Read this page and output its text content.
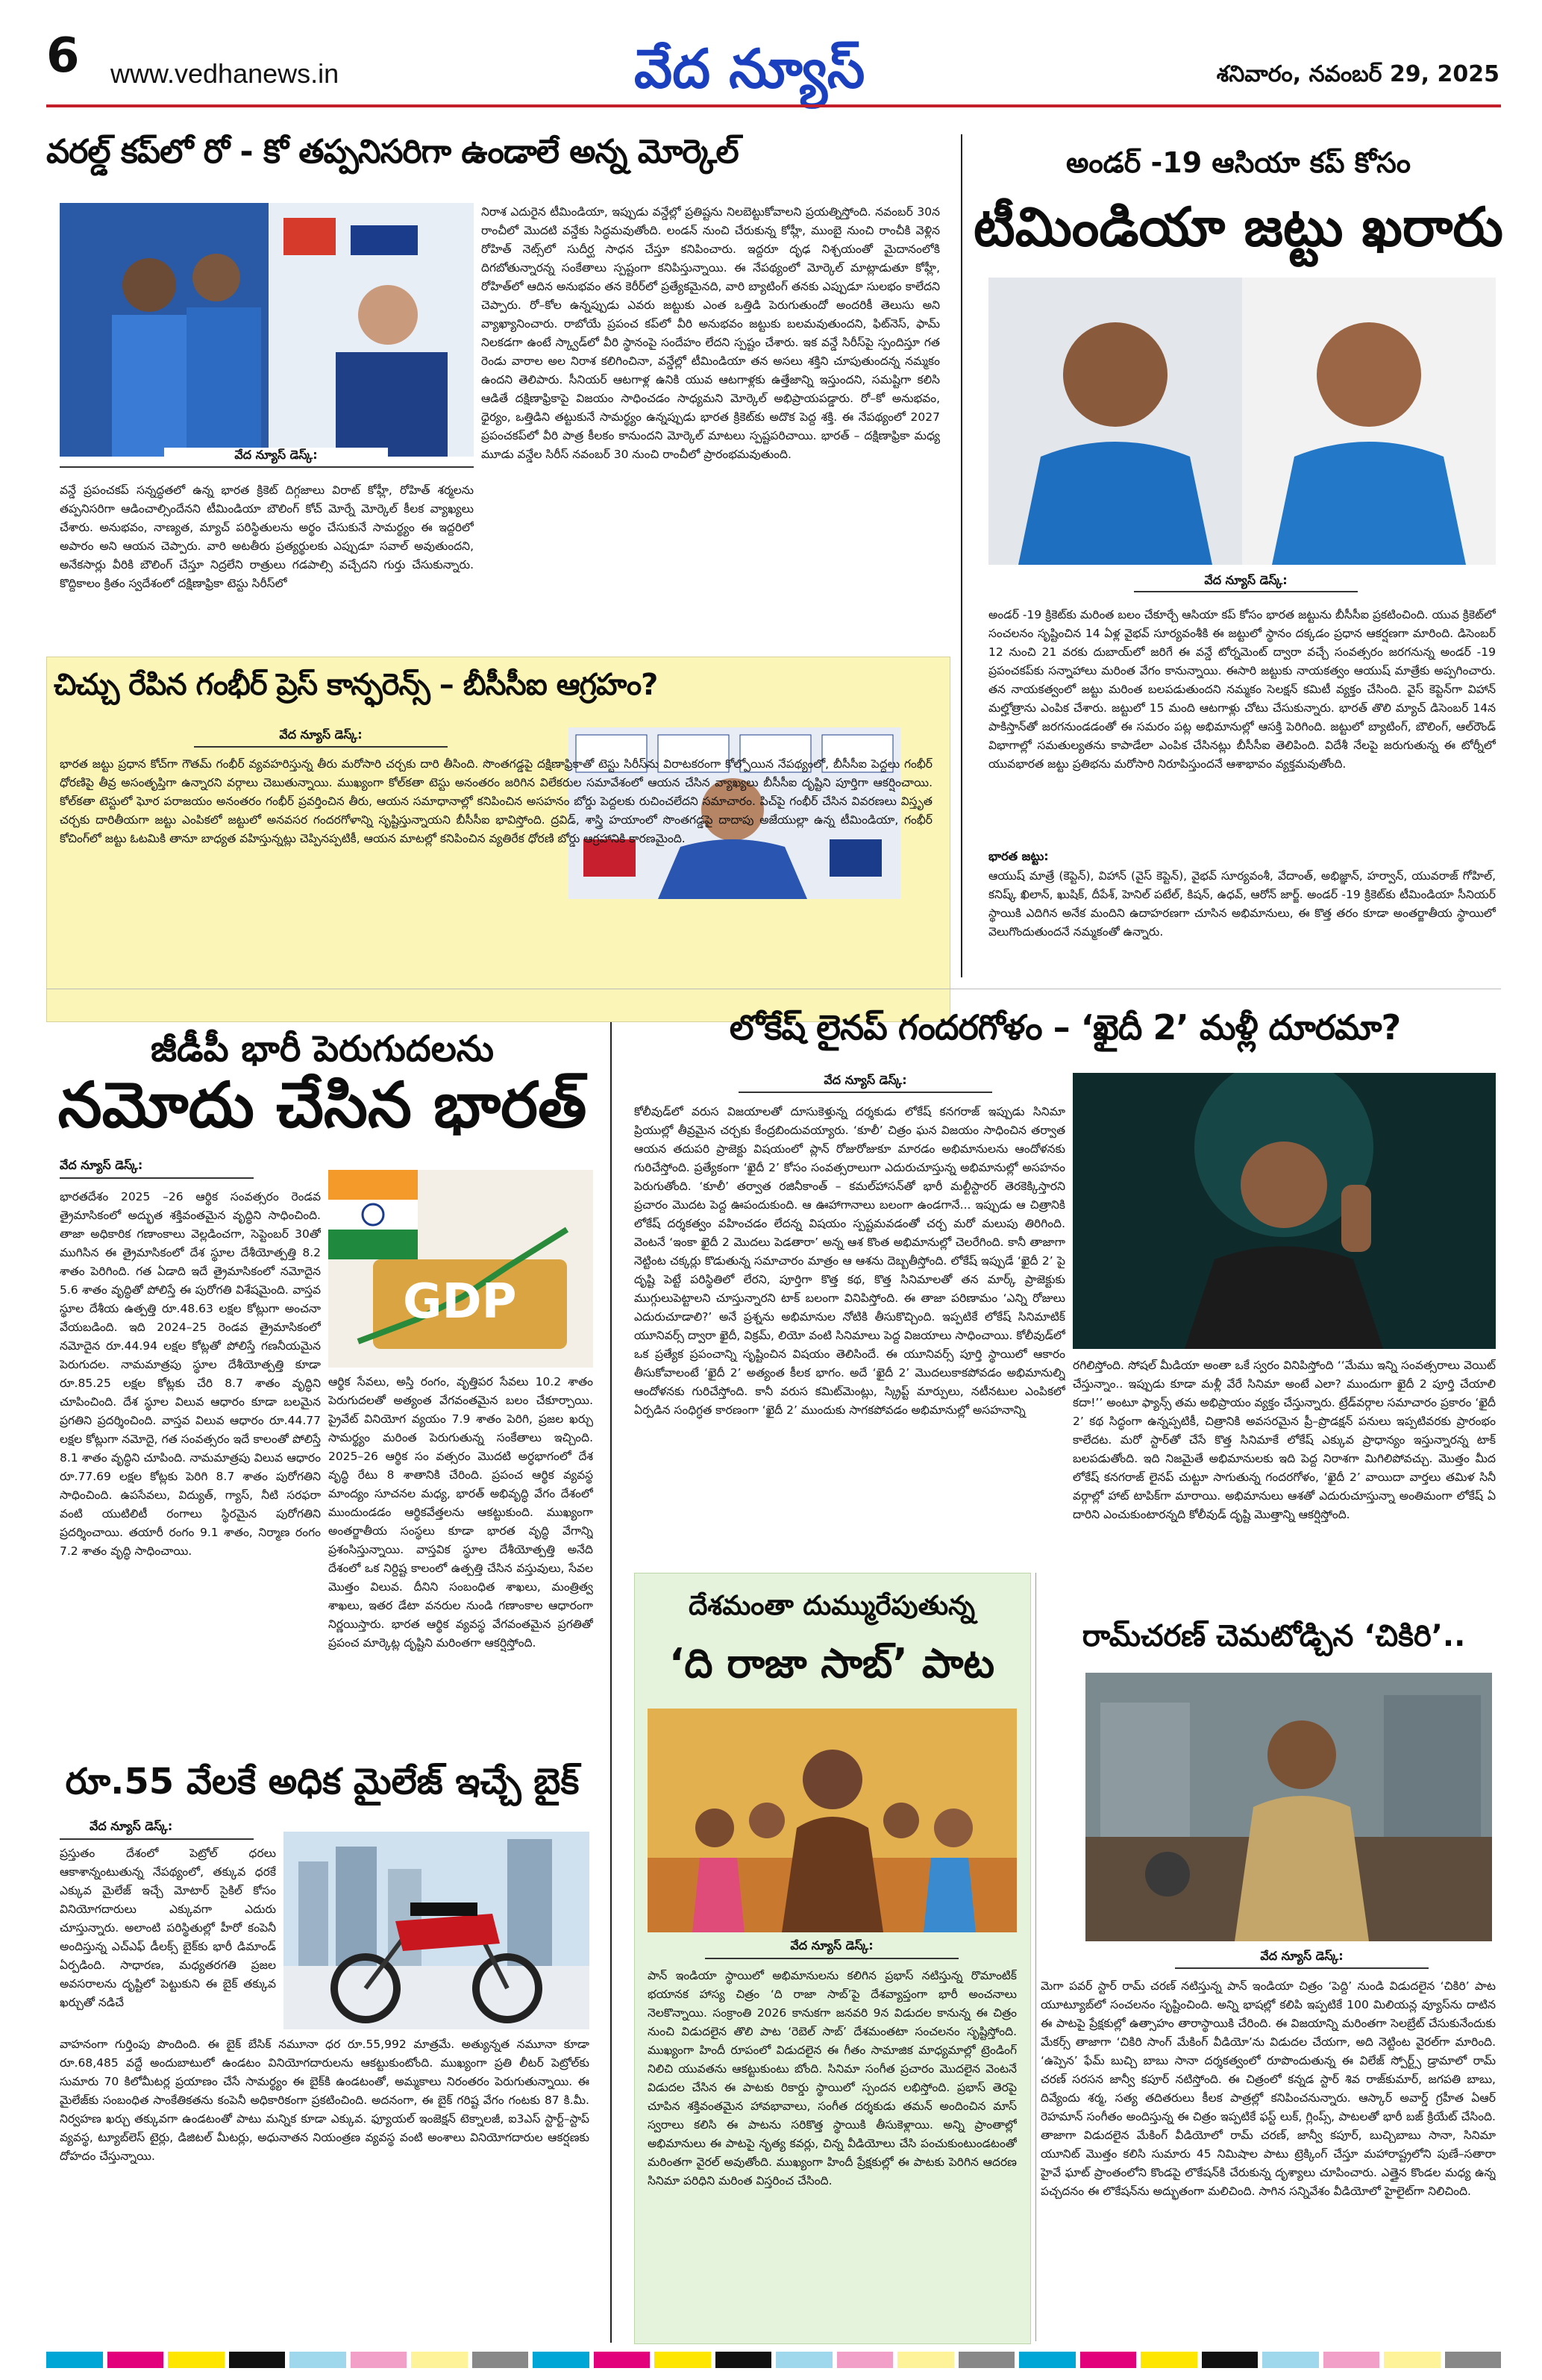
6 www.vedhanews.in	వేద న్యూస్	శనివారం, నవంబర్ 29, 2025
వరల్డ్ కప్‌లో రో - కో తప్పనిసరిగా ఉండాలే అన్న మోర్కెల్
వేద న్యూస్ డెస్క్:
నిరాశ ఎదురైన టీమిండియా, ఇప్పుడు వన్డేల్లో ప్రతిష్టను నిలబెట్టుకోవాలని ప్రయత్నిస్తోంది. నవంబర్ 30న రాంచీలో మొదటి వన్డేకు సిద్ధమవుతోంది. లండన్ నుంచి చేరుకున్న కోహ్లీ, ముంబై నుంచి రాంచీకి వెళ్లిన రోహిత్ నెట్స్‌లో సుదీర్ఘ సాధన చేస్తూ కనిపించారు. ఇద్దరూ దృఢ నిశ్చయంతో మైదానంలోకి దిగబోతున్నారన్న సంకేతాలు స్పష్టంగా కనిపిస్తున్నాయి. ఈ నేపథ్యంలో మోర్కెల్ మాట్లాడుతూ కోహ్లీ, రోహిత్‌లో ఆదిన అనుభవం తన కెరీర్‌లో ప్రత్యేకమైనది, వారి బ్యాటింగ్ తనకు ఎప్పుడూ సులభం కాలేదని చెప్పారు. రో–కోల ఉన్నప్పుడు ఎవరు జట్టుకు ఎంత ఒత్తిడి పెరుగుతుందో అందరికీ తెలుసు అని వ్యాఖ్యానించారు. రాబోయే ప్రపంచ కప్‌లో వీరి అనుభవం జట్టుకు బలమవుతుందని, ఫిట్‌నెస్, ఫామ్ నిలకడగా ఉంటే స్క్వాడ్‌లో వీరి స్థానంపై సందేహం లేదని స్పష్టం చేశారు. ఇక వన్డే సిరీస్‌పై స్పందిస్తూ గత రెండు వారాల అల నిరాశ కలిగించినా, వన్డేల్లో టీమిండియా తన అసలు శక్తిని చూపుతుందన్న నమ్మకం ఉందని తెలిపారు. సీనియర్ ఆటగాళ్ల ఉనికి యువ ఆటగాళ్లకు ఉత్తేజాన్ని ఇస్తుందని, సమష్టిగా కలిసి ఆడితే దక్షిణాఫ్రికాపై విజయం సాధించడం సాధ్యమని మోర్కెల్ అభిప్రాయపడ్డారు. రో–కో అనుభవం, ధైర్యం, ఒత్తిడిని తట్టుకునే సామర్థ్యం ఉన్నప్పుడు భారత క్రికెట్‌కు అదొక పెద్ద శక్తి. ఈ నేపథ్యంలో 2027 ప్రపంచకప్‌లో వీరి పాత్ర కీలకం కానుందని మోర్కెల్ మాటలు స్పష్టపరిచాయి. భారత్ – దక్షిణాఫ్రికా మధ్య మూడు వన్డేల సిరీస్ నవంబర్ 30 నుంచి రాంచీలో ప్రారంభమవుతుంది.
వన్డే ప్రపంచకప్ సన్నద్ధతలో ఉన్న భారత క్రికెట్ దిగ్గజాలు విరాట్ కోహ్లీ, రోహిత్ శర్మలను తప్పనిసరిగా ఆడించాల్సిందేనని టీమిండియా బౌలింగ్ కోచ్ మోర్నే మోర్కెల్ కీలక వ్యాఖ్యలు చేశారు. అనుభవం, నాణ్యత, మ్యాచ్ పరిస్థితులను అర్థం చేసుకునే సామర్థ్యం ఈ ఇద్దరిలో అపారం అని ఆయన చెప్పారు. వారి అటతీరు ప్రత్యర్థులకు ఎప్పుడూ సవాల్ అవుతుందని, అనేకసార్లు వీరికి బౌలింగ్ చేస్తూ నిద్రలేని రాత్రులు గడపాల్సి వచ్చేదని గుర్తు చేసుకున్నారు. కొద్దికాలం క్రితం స్వదేశంలో దక్షిణాఫ్రికా టెస్టు సిరీస్‌లో
అండర్ -19 ఆసియా కప్ కోసం
టీమిండియా జట్టు ఖరారు
వేద న్యూస్ డెస్క్:
అండర్ -19 క్రికెట్‌కు మరింత బలం చేకూర్చే ఆసియా కప్ కోసం భారత జట్టును బీసీసీఐ ప్రకటించింది. యువ క్రికెట్‌లో సంచలనం సృష్టించిన 14 ఏళ్ల వైభవ్ సూర్యవంశీకి ఈ జట్టులో స్థానం దక్కడం ప్రధాన ఆకర్షణగా మారింది. డిసెంబర్ 12 నుంచి 21 వరకు దుబాయ్‌లో జరిగే ఈ వన్డే టోర్నమెంట్ ద్వారా వచ్చే సంవత్సరం జరగనున్న అండర్ -19 ప్రపంచకప్‌కు సన్నాహాలు మరింత వేగం కానున్నాయి. ఈసారి జట్టుకు నాయకత్వం ఆయుష్ మాత్రేకు అప్పగించారు. తన నాయకత్వంలో జట్టు మరింత బలపడుతుందని నమ్మకం సెలక్షన్ కమిటీ వ్యక్తం చేసింది. వైస్ కెప్టెన్‌గా విహాన్ మల్హోత్రాను ఎంపిక చేశారు. జట్టులో 15 మంది ఆటగాళ్లు చోటు చేసుకున్నారు. భారత్ తొలి మ్యాచ్ డిసెంబర్ 14న పాకిస్తాన్‌తో జరగనుండడంతో ఈ సమరం పట్ల అభిమానుల్లో ఆసక్తి పెరిగింది. జట్టులో బ్యాటింగ్, బౌలింగ్, ఆల్‌రౌండ్ విభాగాల్లో సమతుల్యతను కాపాడేలా ఎంపిక చేసినట్లు బీసీసీఐ తెలిపింది. విదేశీ నేలపై జరుగుతున్న ఈ టోర్నీలో యువభారత జట్టు ప్రతిభను మరోసారి నిరూపిస్తుందనే ఆశాభావం వ్యక్తమవుతోంది.
భారత జట్టు:
ఆయుష్ మాత్రే (కెప్టెన్), విహాన్ (వైస్ కెప్టెన్), వైభవ్ సూర్యవంశీ, వేదాంత్, అభిజ్ఞాన్, హర్వాన్, యువరాజ్ గోహిల్, కనిష్క్ ఖిలాన్, ఖుషిక్, దీపేశ్, హెనిల్ పటేల్, కిషన్, ఉధవ్, ఆరోన్ జార్జ్. అండర్ -19 క్రికెట్‌కు టీమిండియా సీనియర్ స్థాయికి ఎదిగిన అనేక మందిని ఉదాహరణగా చూసిన అభిమానులు, ఈ కొత్త తరం కూడా అంతర్జాతీయ స్థాయిలో వెలుగొందుతుందనే నమ్మకంతో ఉన్నారు.
చిచ్చు రేపిన గంభీర్ ప్రెస్ కాన్ఫరెన్స్ – బీసీసీఐ ఆగ్రహం?
వేద న్యూస్ డెస్క్:
భారత జట్టు ప్రధాన కోచ్‌గా గౌతమ్ గంభీర్ వ్యవహరిస్తున్న తీరు మరోసారి చర్చకు దారి తీసింది. సొంతగడ్డపై దక్షిణాఫ్రికాతో టెస్టు సిరీస్‌ను విరాటకరంగా కోల్పోయిన నేపథ్యంలో, బీసీసీఐ పెద్దలు గంభీర్ ధోరణిపై తీవ్ర అసంతృప్తిగా ఉన్నారని వర్గాలు చెబుతున్నాయి. ముఖ్యంగా కోల్‌కతా టెస్టు అనంతరం జరిగిన విలేకరుల సమావేశంలో ఆయన చేసిన వ్యాఖ్యలు బీసీసీఐ దృష్టిని పూర్తిగా ఆకర్షించాయి. కోల్‌కతా టెస్టులో ఘోర పరాజయం అనంతరం గంభీర్ ప్రవర్తించిన తీరు, ఆయన సమాధానాల్లో కనిపించిన అసహనం బోర్డు పెద్దలకు రుచించలేదని సమాచారం. పిచ్‌పై గంభీర్ చేసిన వివరణలు విస్తృత చర్చకు దారితీయగా జట్టు ఎంపికలో జట్టులో అనవసర గందరగోళాన్ని సృష్టిస్తున్నాయని బీసీసీఐ భావిస్తోంది. ద్రవిడ్, శాస్త్రి హయాంలో సొంతగడ్డపై దాదాపు అజేయుల్లా ఉన్న టీమిండియా, గంభీర్ కోచింగ్‌లో జట్టు ఓటమికి తానూ బాధ్యత వహిస్తున్నట్లు చెప్పినప్పటికీ, ఆయన మాటల్లో కనిపించిన వ్యతిరేక ధోరణి బోర్డు ఆగ్రహానికి కారణమైంది.
జీడీపీ భారీ పెరుగుదలను
నమోదు చేసిన భారత్
వేద న్యూస్ డెస్క్:
GDP
భారతదేశం 2025 –26 ఆర్థిక సంవత్సరం రెండవ త్రైమాసికంలో అద్భుత శక్తివంతమైన వృద్ధిని సాధించింది. తాజా అధికారిక గణాంకాలు వెల్లడించగా, సెప్టెంబర్ 30తో ముగిసిన ఈ త్రైమాసికంలో దేశ స్థూల దేశీయోత్పత్తి 8.2 శాతం పెరిగింది. గత ఏడాది ఇదే త్రైమాసికంలో నమోదైన 5.6 శాతం వృద్ధితో పోలిస్తే ఈ పురోగతి విశేషమైంది. వాస్తవ స్థూల దేశీయ ఉత్పత్తి రూ.48.63 లక్షల కోట్లుగా అంచనా వేయబడింది. ఇది 2024–25 రెండవ త్రైమాసికంలో నమోదైన రూ.44.94 లక్షల కోట్లతో పోలిస్తే గణనీయమైన పెరుగుదల. నామమాత్రపు స్థూల దేశీయోత్పత్తి కూడా రూ.85.25 లక్షల కోట్లకు చేరి 8.7 శాతం వృద్ధిని చూపించింది. దేశ స్థూల విలువ ఆధారం కూడా బలమైన ప్రగతిని ప్రదర్శించింది. వాస్తవ విలువ ఆధారం రూ.44.77 లక్షల కోట్లుగా నమోదై, గత సంవత్సరం ఇదే కాలంతో పోలిస్తే 8.1 శాతం వృద్ధిని చూపింది. నామమాత్రపు విలువ ఆధారం రూ.77.69 లక్షల కోట్లకు పెరిగి 8.7 శాతం పురోగతిని సాధించింది. ఉపసేవలు, విద్యుత్, గ్యాస్, నీటి సరఫరా వంటి యుటిలిటీ రంగాలు స్థిరమైన పురోగతిని ప్రదర్శించాయి. తయారీ రంగం 9.1 శాతం, నిర్మాణ రంగం 7.2 శాతం వృద్ధి సాధించాయి.
ఆర్థిక సేవలు, అస్తి రంగం, వృత్తిపర సేవలు 10.2 శాతం పెరుగుదలతో అత్యంత వేగవంతమైన బలం చేకూర్చాయి. ప్రైవేట్ వినియోగ వ్యయం 7.9 శాతం పెరిగి, ప్రజల ఖర్చు సామర్థ్యం మరింత పెరుగుతున్న సంకేతాలు ఇచ్చింది. 2025–26 ఆర్థిక సం వత్సరం మొదటి అర్ధభాగంలో దేశ వృద్ధి రేటు 8 శాతానికి చేరింది. ప్రపంచ ఆర్థిక వ్యవస్థ మాంద్యం సూచనల మధ్య, భారత్ అభివృద్ధి వేగం దేశంలో ముందుండడం ఆర్థికవేత్తలను ఆకట్టుకుంది. ముఖ్యంగా అంతర్జాతీయ సంస్థలు కూడా భారత వృద్ధి వేగాన్ని ప్రశంసిస్తున్నాయి. వాస్తవిక స్థూల దేశీయోత్పత్తి అనేది దేశంలో ఒక నిర్దిష్ట కాలంలో ఉత్పత్తి చేసిన వస్తువులు, సేవల మొత్తం విలువ. దీనిని సంబంధిత శాఖలు, మంత్రిత్వ శాఖలు, ఇతర డేటా వనరుల నుండి గణాంకాల ఆధారంగా నిర్ణయిస్తారు. భారత ఆర్థిక వ్యవస్థ వేగవంతమైన ప్రగతితో ప్రపంచ మార్కెట్ల దృష్టిని మరింతగా ఆకర్షిస్తోంది.
రూ.55 వేలకే అధిక మైలేజ్ ఇచ్చే బైక్
వేద న్యూస్ డెస్క్:
ప్రస్తుతం దేశంలో పెట్రోల్ ధరలు ఆకాశాన్నంటుతున్న నేపథ్యంలో, తక్కువ ధరకే ఎక్కువ మైలేజ్ ఇచ్చే మోటార్ సైకిల్ కోసం వినియోగదారులు ఎక్కువగా ఎదురు చూస్తున్నారు. అలాంటి పరిస్థితుల్లో హీరో కంపెనీ అందిస్తున్న ఎచ్‌ఎఫ్ డీలక్స్ బైక్‌కు భారీ డిమాండ్ ఏర్పడింది. సాధారణ, మధ్యతరగతి ప్రజల అవసరాలను దృష్టిలో పెట్టుకుని ఈ బైక్ తక్కువ ఖర్చుతో నడిచే
వాహనంగా గుర్తింపు పొందింది. ఈ బైక్ బేసిక్ నమూనా ధర రూ.55,992 మాత్రమే. అత్యున్నత నమూనా కూడా రూ.68,485 వద్దే అందుబాటులో ఉండటం వినియోగదారులను ఆకట్టుకుంటోంది. ముఖ్యంగా ప్రతి లీటర్ పెట్రోల్‌కు సుమారు 70 కిలోమీటర్ల ప్రయాణం చేసే సామర్థ్యం ఈ బైక్‌కి ఉండటంతో, అమ్మకాలు నిరంతరం పెరుగుతున్నాయి. ఈ మైలేజ్‌కు సంబంధిత సాంకేతికతను కంపెనీ అధికారికంగా ప్రకటించింది. అదనంగా, ఈ బైక్ గరిష్ట వేగం గంటకు 87 కి.మీ. నిర్వహణ ఖర్చు తక్కువగా ఉండటంతో పాటు మన్నిక కూడా ఎక్కువ. ఫ్యూయల్ ఇంజెక్షన్ టెక్నాలజీ, ఐ3ఎస్ స్టార్ట్–స్టాప్ వ్యవస్థ, ట్యూబ్‌లెస్ టైర్లు, డిజిటల్ మీటర్లు, అధునాతన నియంత్రణ వ్యవస్థ వంటి అంశాలు వినియోగదారుల ఆకర్షణకు దోహదం చేస్తున్నాయి.
లోకేష్ లైనప్ గందరగోళం – ‘ఖైదీ 2’ మళ్లీ దూరమా?
వేద న్యూస్ డెస్క్:
కోలీవుడ్‌లో వరుస విజయాలతో దూసుకెళ్తున్న దర్శకుడు లోకేష్ కనగరాజ్ ఇప్పుడు సినిమా ప్రియుల్లో తీవ్రమైన చర్చకు కేంద్రబిందువయ్యారు. ‘కూలీ’ చిత్రం ఘన విజయం సాధించిన తర్వాత ఆయన తదుపరి ప్రాజెక్టు విషయంలో ప్లాన్ రోజురోజుకూ మారడం అభిమానులను ఆందోళనకు గురిచేస్తోంది. ప్రత్యేకంగా ‘ఖైదీ 2’ కోసం సంవత్సరాలుగా ఎదురుచూస్తున్న అభిమానుల్లో అసహనం పెరుగుతోంది. ‘కూలీ’ తర్వాత రజినీకాంత్ – కమల్‌హాసన్‌తో భారీ మల్టీస్టారర్ తెరకెక్కిస్తారని ప్రచారం మొదట పెద్ద ఊపందుకుంది. ఆ ఊహాగానాలు బలంగా ఉండగానే... ఇప్పుడు ఆ చిత్రానికి లోకేష్ దర్శకత్వం వహించడం లేదన్న విషయం స్పష్టమవడంతో చర్చ మరో మలుపు తిరిగింది. వెంటనే ‘ఇంకా ఖైదీ 2 మొదలు పెడతారా’ అన్న ఆశ కొంత అభిమానుల్లో చెలరేగింది. కానీ తాజాగా నెట్టింట చక్కర్లు కొడుతున్న సమాచారం మాత్రం ఆ ఆశను దెబ్బతీస్తోంది. లోకేష్ ఇప్పుడే ‘ఖైదీ 2’ పై దృష్టి పెట్టే పరిస్థితిలో లేరని, పూర్తిగా కొత్త కథ, కొత్త సినిమాలతో తన మార్క్ ప్రాజెక్టుకు ముగ్గులుపెట్టాలని చూస్తున్నారని టాక్ బలంగా వినిపిస్తోంది. ఈ తాజా పరిణామం ‘ఎన్ని రోజులు ఎదురుచూడాలి?’ అనే ప్రశ్నను అభిమానుల నోటికి తీసుకొచ్చింది. ఇప్పటికే లోకేష్ సినిమాటిక్ యూనివర్స్ ద్వారా ఖైదీ, విక్రమ్, లియో వంటి సినిమాలు పెద్ద విజయాలు సాధించాయి. కోలీవుడ్‌లో ఒక ప్రత్యేక ప్రపంచాన్ని సృష్టించిన విషయం తెలిసిందే. ఈ యూనివర్స్ పూర్తి స్థాయిలో ఆకారం తీసుకోవాలంటే ‘ఖైదీ 2’ అత్యంత కీలక భాగం. అదే ‘ఖైదీ 2’ మొదలుకాకపోవడం అభిమానుల్ని ఆందోళనకు గురిచేస్తోంది. కానీ వరుస కమిట్‌మెంట్లు, స్క్రిప్ట్ మార్పులు, నటీనటుల ఎంపికలో ఏర్పడిన సంధిగ్ధత కారణంగా ‘ఖైదీ 2’ ముందుకు సాగకపోవడం అభిమానుల్లో అసహనాన్ని
రగిలిస్తోంది. సోషల్ మీడియా అంతా ఒకే స్వరం వినిపిస్తోంది ‘‘మేము ఇన్ని సంవత్సరాలు వెయిట్ చేస్తున్నాం.. ఇప్పుడు కూడా మళ్లీ వేరే సినిమా అంటే ఎలా? ముందుగా ఖైదీ 2 పూర్తి చేయాలి కదా!’’ అంటూ ఫ్యాన్స్ తమ అభిప్రాయం వ్యక్తం చేస్తున్నారు. ట్రేడ్‌వర్గాల సమాచారం ప్రకారం ‘ఖైదీ 2’ కథ సిద్ధంగా ఉన్నప్పటికీ, చిత్రానికి అవసరమైన ప్రీ–ప్రొడక్షన్ పనులు ఇప్పటివరకు ప్రారంభం కాలేదట. మరో స్టార్‌తో చేసే కొత్త సినిమాకే లోకేష్ ఎక్కువ ప్రాధాన్యం ఇస్తున్నారన్న టాక్ బలపడుతోంది. ఇది నిజమైతే అభిమానులకు ఇది పెద్ద నిరాశగా మిగిలిపోవచ్చు. మొత్తం మీద లోకేష్ కనగరాజ్ లైనప్ చుట్టూ సాగుతున్న గందరగోళం, ‘ఖైదీ 2’ వాయిదా వార్తలు తమిళ సినీ వర్గాల్లో హాట్ టాపిక్‌గా మారాయి. అభిమానులు ఆశతో ఎదురుచూస్తున్నా అంతిమంగా లోకేష్ ఏ దారిని ఎంచుకుంటారన్నది కోలీవుడ్ దృష్టి మొత్తాన్ని ఆకర్షిస్తోంది.
దేశమంతా దుమ్మురేపుతున్న
‘ది రాజా సాబ్’ పాట
వేద న్యూస్ డెస్క్:
పాన్ ఇండియా స్థాయిలో అభిమానులను కలిగిన ప్రభాస్ నటిస్తున్న రొమాంటిక్ భయానక హాస్య చిత్రం ‘ది రాజా సాబ్’పై దేశవ్యాప్తంగా భారీ అంచనాలు నెలకొన్నాయి. సంక్రాంతి 2026 కానుకగా జనవరి 9న విడుదల కానున్న ఈ చిత్రం నుంచి విడుదలైన తొలి పాట ‘రెబెల్ సాబ్’ దేశమంతటా సంచలనం సృష్టిస్తోంది. ముఖ్యంగా హిందీ రూపంలో విడుదలైన ఈ గీతం సామాజిక మాధ్యమాల్లో ట్రెండింగ్ నిలిచి యువతను ఆకట్టుకుంటు బోంది. సినిమా సంగీత ప్రచారం మొదలైన వెంటనే విడుదల చేసిన ఈ పాటకు రికార్డు స్థాయిలో స్పందన లభిస్తోంది. ప్రభాస్ తెరపై చూపిన శక్తివంతమైన హావభావాలు, సంగీత దర్శకుడు తమన్ అందించిన మాస్ స్వరాలు కలిసి ఈ పాటను సరికొత్త స్థాయికి తీసుకెళ్లాయి. అన్ని ప్రాంతాల్లో అభిమానులు ఈ పాటపై నృత్య కవర్లు, చిన్న వీడియోలు చేసి పంచుకుంటుండటంతో మరింతగా వైరల్ అవుతోంది. ముఖ్యంగా హిందీ ప్రేక్షకుల్లో ఈ పాటకు పెరిగిన ఆదరణ సినిమా పరిధిని మరింత విస్తరించ చేసింది.
రామ్‌చరణ్ చెమటోడ్చిన ‘చికిరి’..
వేద న్యూస్ డెస్క్:
మెగా పవర్ స్టార్ రామ్ చరణ్ నటిస్తున్న పాన్ ఇండియా చిత్రం ‘పెద్ది’ నుండి విడుదలైన ‘చికిరి’ పాట యూట్యూబ్‌లో సంచలనం సృష్టించింది. అన్ని భాషల్లో కలిపి ఇప్పటికే 100 మిలియన్ల వ్యూస్‌ను దాటిన ఈ పాటపై ప్రేక్షకుల్లో ఉత్సాహం తారాస్థాయికి చేరింది. ఈ విజయాన్ని మరింతగా సెలబ్రేట్ చేసుకునేందుకు మేకర్స్ తాజాగా ‘చికిరి సాంగ్ మేకింగ్ వీడియో’ను విడుదల చేయగా, అది నెట్టింట వైరల్‌గా మారింది. ‘ఉప్పెన’ ఫేమ్ బుచ్చి బాబు సానా దర్శకత్వంలో రూపొందుతున్న ఈ విలేజ్ స్పోర్ట్స్ డ్రామాలో రామ్ చరణ్ సరసన జాన్వీ కపూర్ నటిస్తోంది. ఈ చిత్రంలో కన్నడ స్టార్ శివ రాజ్‌కుమార్, జగపతి బాబు, దివ్యేందు శర్మ, సత్య తదితరులు కీలక పాత్రల్లో కనిపించనున్నారు. ఆస్కార్ అవార్డ్ గ్రహీత ఏఆర్ రెహమాన్ సంగీతం అందిస్తున్న ఈ చిత్రం ఇప్పటికే ఫస్ట్ లుక్, గ్లింప్స్, పాటలతో భారీ బజ్ క్రియేట్ చేసింది. తాజాగా విడుదలైన మేకింగ్ వీడియోలో రామ్ చరణ్, జాన్వీ కపూర్, బుచ్చిబాబు సానా, సినిమా యూనిట్ మొత్తం కలిసి సుమారు 45 నిమిషాల పాటు ట్రెక్కింగ్ చేస్తూ మహారాష్ట్రలోని పుణే–సతారా హైవే ఘాట్ ప్రాంతంలోని కొండపై లొకేషన్‌కి చేరుకున్న దృశ్యాలు చూపించారు. ఎత్తైన కొండల మధ్య ఉన్న పచ్చదనం ఈ లొకేషన్‌ను అద్భుతంగా మలిచింది. సాగిన సన్నివేశం వీడియోలో హైలైట్‌గా నిలిచింది.
